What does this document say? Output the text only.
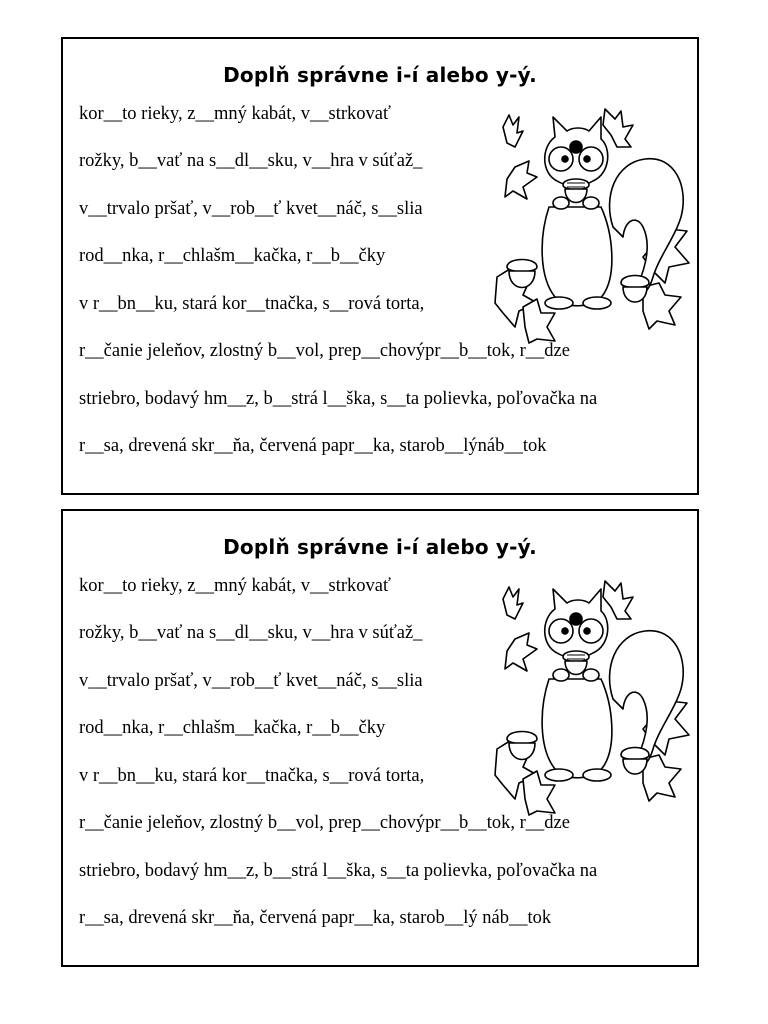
Doplň správne i-í alebo y-ý.
kor__to rieky, z__mný kabát, v__strkovať
rožky, b__vať na s__dl__sku, v__hra v súťaž_
v__trvalo pršať, v__rob__ť kvet__náč, s__slia
rod__nka, r__chlašm__kačka, r__b__čky
v r__bn__ku, stará kor__tnačka, s__rová torta,
r__čanie jeleňov, zlostný b__vol, prep__chovýpr__b__tok, r__dze
striebro, bodavý hm__z, b__strá l__ška, s__ta polievka, poľovačka na
r__sa, drevená skr__ňa, červená papr__ka, starob__lýnáb__tok
Doplň správne i-í alebo y-ý.
kor__to rieky, z__mný kabát, v__strkovať
rožky, b__vať na s__dl__sku, v__hra v súťaž_
v__trvalo pršať, v__rob__ť kvet__náč, s__slia
rod__nka, r__chlašm__kačka, r__b__čky
v r__bn__ku, stará kor__tnačka, s__rová torta,
r__čanie jeleňov, zlostný b__vol, prep__chovýpr__b__tok, r__dze
striebro, bodavý hm__z, b__strá l__ška, s__ta polievka, poľovačka na
r__sa, drevená skr__ňa, červená papr__ka, starob__lý náb__tok
